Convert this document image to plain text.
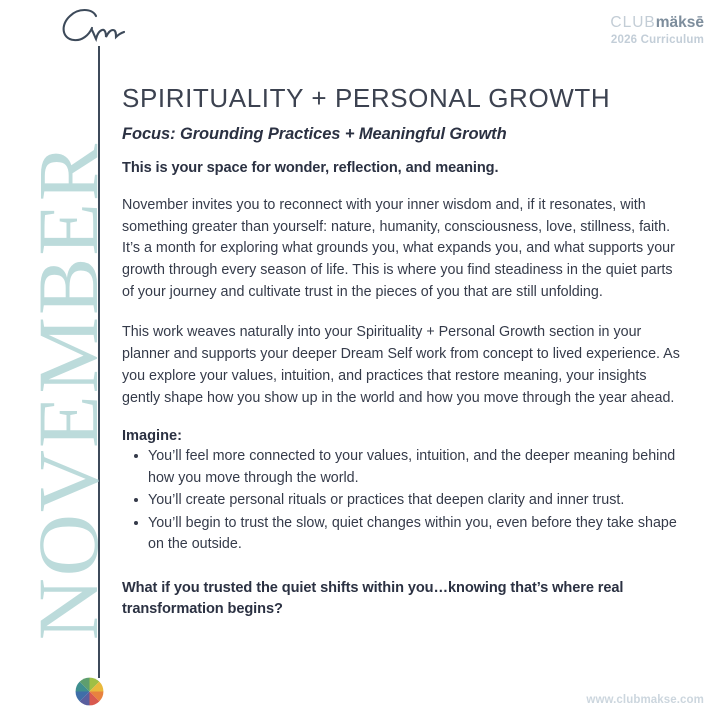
NOVEMBER
CLUBmäksē
2026 Curriculum
SPIRITUALITY + PERSONAL GROWTH

Focus: Grounding Practices + Meaningful Growth

This is your space for wonder, reflection, and meaning.

November invites you to reconnect with your inner wisdom and, if it resonates, with something greater than yourself: nature, humanity, consciousness, love, stillness, faith. It’s a month for exploring what grounds you, what expands you, and what supports your growth through every season of life. This is where you find steadiness in the quiet parts of your journey and cultivate trust in the pieces of you that are still unfolding.

This work weaves naturally into your Spirituality + Personal Growth section in your planner and supports your deeper Dream Self work from concept to lived experience. As you explore your values, intuition, and practices that restore meaning, your insights gently shape how you show up in the world and how you move through the year ahead.

Imagine:

You’ll feel more connected to your values, intuition, and the deeper meaning behind how you move through the world.
You’ll create personal rituals or practices that deepen clarity and inner trust.
You’ll begin to trust the slow, quiet changes within you, even before they take shape on the outside.

What if you trusted the quiet shifts within you…knowing that’s where real transformation begins?

www.clubmakse.com
